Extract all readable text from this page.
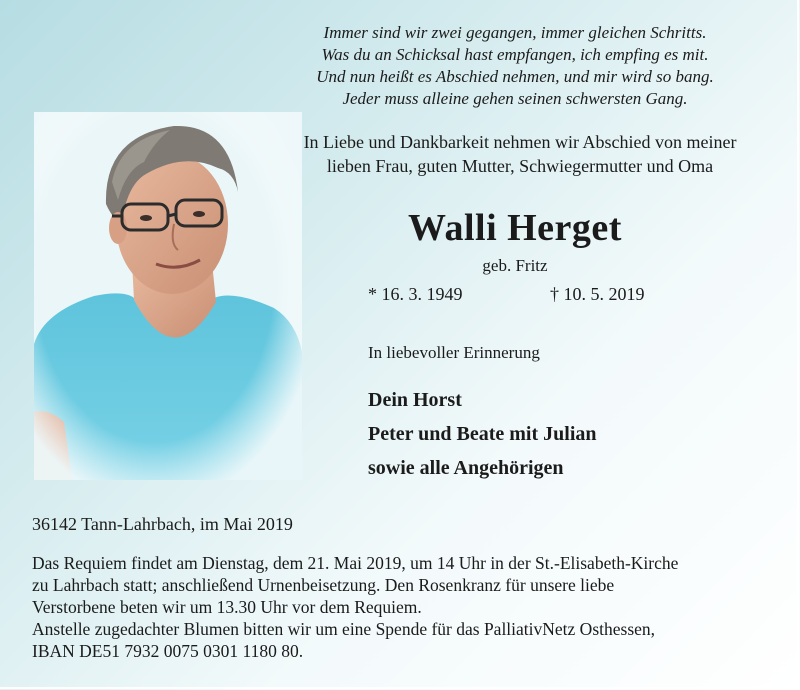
Immer sind wir zwei gegangen, immer gleichen Schritts.
Was du an Schicksal hast empfangen, ich empfing es mit.
Und nun heißt es Abschied nehmen, und mir wird so bang.
Jeder muss alleine gehen seinen schwersten Gang.
In Liebe und Dankbarkeit nehmen wir Abschied von meiner
lieben Frau, guten Mutter, Schwiegermutter und Oma
Walli Herget
geb. Fritz
* 16. 3. 1949	† 10. 5. 2019
In liebevoller Erinnerung
Dein Horst
Peter und Beate mit Julian
sowie alle Angehörigen
36142 Tann-Lahrbach, im Mai 2019

Das Requiem findet am Dienstag, dem 21. Mai 2019, um 14 Uhr in der St.-Elisabeth-Kirche
zu Lahrbach statt; anschließend Urnenbeisetzung. Den Rosenkranz für unsere liebe
Verstorbene beten wir um 13.30 Uhr vor dem Requiem.

Anstelle zugedachter Blumen bitten wir um eine Spende für das PalliativNetz Osthessen,
IBAN DE51 7932 0075 0301 1180 80.
